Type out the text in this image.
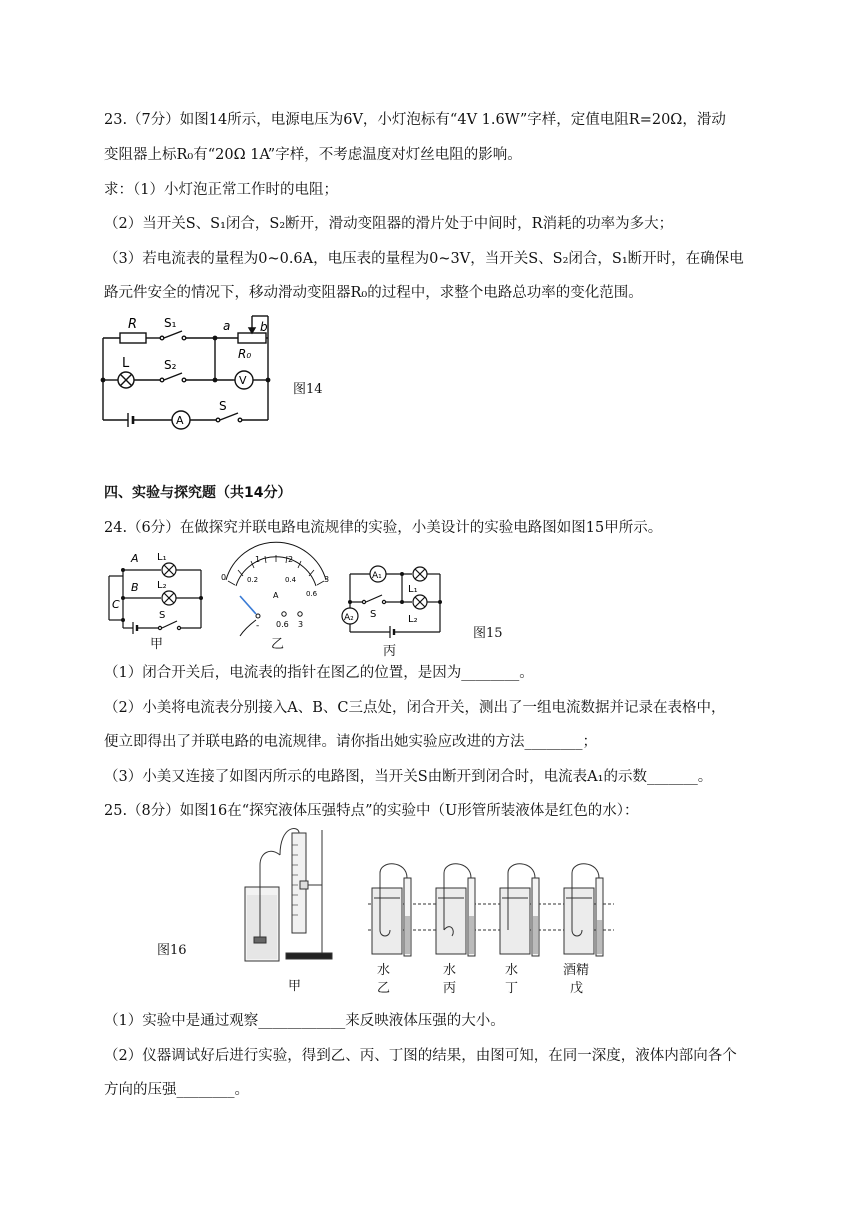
23.（7分）如图14所示，电源电压为6V，小灯泡标有“4V 1.6W”字样，定值电阻R=20Ω，滑动
变阻器上标R₀有“20Ω 1A”字样，不考虑温度对灯丝电阻的影响。
求：（1）小灯泡正常工作时的电阻；
（2）当开关S、S₁闭合，S₂断开，滑动变阻器的滑片处于中间时，R消耗的功率为多大；
（3）若电流表的量程为0~0.6A，电压表的量程为0~3V，当开关S、S₂闭合，S₁断开时，在确保电
路元件安全的情况下，移动滑动变阻器R₀的过程中，求整个电路总功率的变化范围。
R S₁	a b
R₀
L	S₂
V
A
S
图14
四、实验与探究题（共14分）
24.（6分）在做探究并联电路电流规律的实验，小美设计的实验电路图如图15甲所示。
A L₁
B L₂
C
S
甲
0
1	2
3
0.2	0.4
0.6
A
- 0.6 3
乙
A₁
A₂
L₁
L₂
S
丙
图15
（1）闭合开关后，电流表的指针在图乙的位置，是因为________。
（2）小美将电流表分别接入A、B、C三点处，闭合开关，测出了一组电流数据并记录在表格中，
便立即得出了并联电路的电流规律。请你指出她实验应改进的方法________；
（3）小美又连接了如图丙所示的电路图，当开关S由断开到闭合时，电流表A₁的示数_______。
25.（8分）如图16在“探究液体压强特点”的实验中（U形管所装液体是红色的水）：
图16
甲
水
乙
水
丙
水
丁
酒精
戊
（1）实验中是通过观察____________来反映液体压强的大小。
（2）仪器调试好后进行实验，得到乙、丙、丁图的结果，由图可知，在同一深度，液体内部向各个
方向的压强________。
